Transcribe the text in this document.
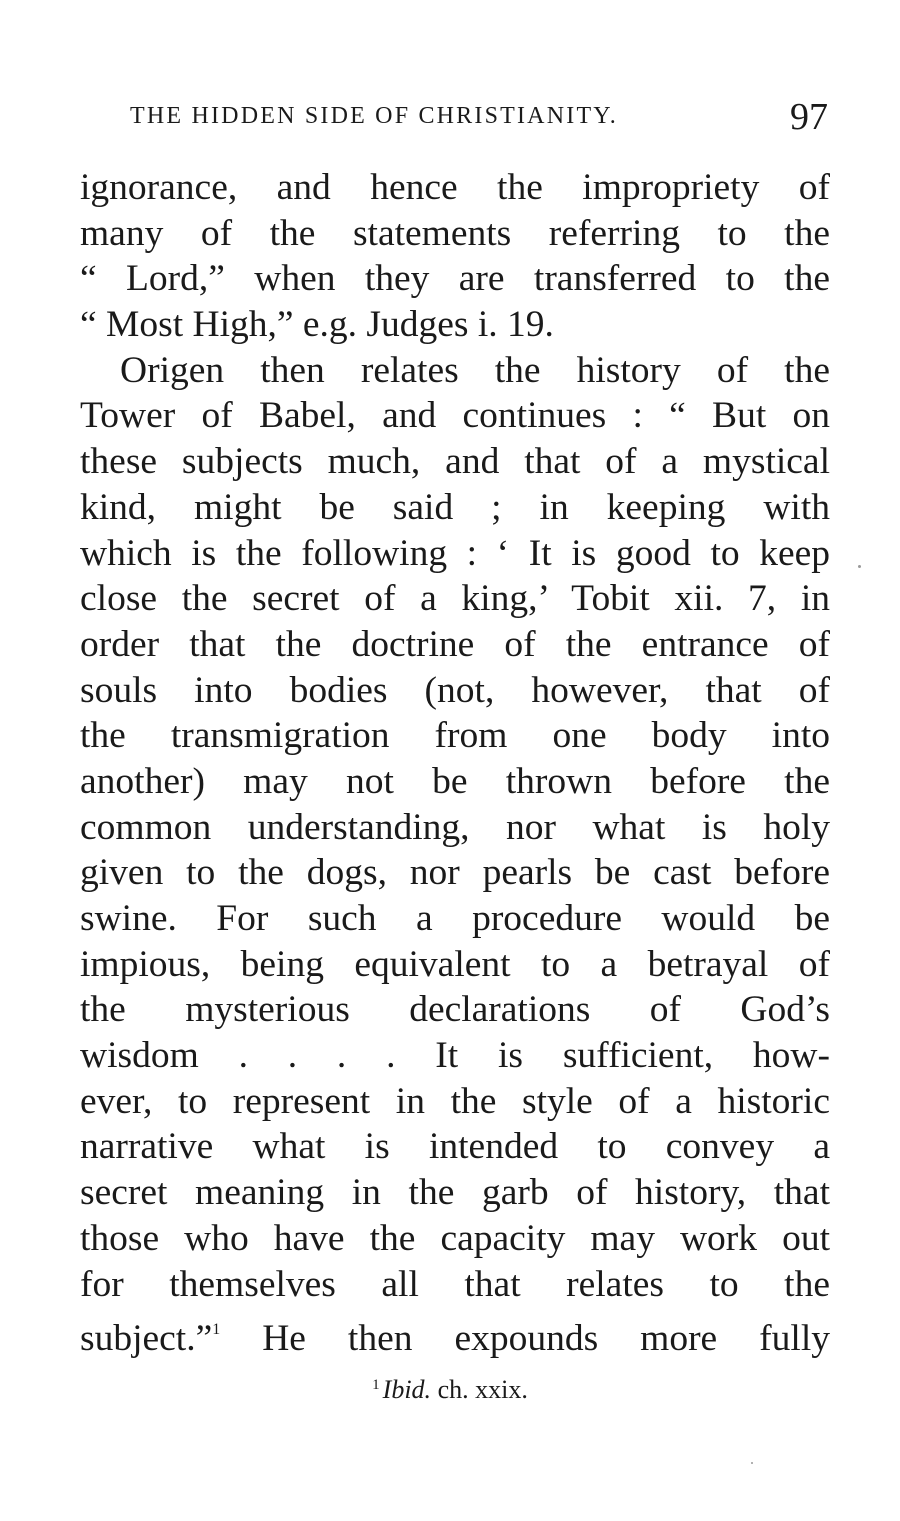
THE HIDDEN SIDE OF CHRISTIANITY.	97
ignorance, and hence the impropriety of
many of the statements referring to the
“ Lord,” when they are transferred to the
“ Most High,” e.g. Judges i. 19.
Origen then relates the history of the
Tower of Babel, and continues : “ But on
these subjects much, and that of a mystical
kind, might be said ; in keeping with
which is the following : ‘ It is good to keep
close the secret of a king,’ Tobit xii. 7, in
order that the doctrine of the entrance of
souls into bodies (not, however, that of
the transmigration from one body into
another) may not be thrown before the
common understanding, nor what is holy
given to the dogs, nor pearls be cast before
swine. For such a procedure would be
impious, being equivalent to a betrayal of
the mysterious declarations of God’s
wisdom . . . . It is sufficient, how-
ever, to represent in the style of a historic
narrative what is intended to convey a
secret meaning in the garb of history, that
those who have the capacity may work out
for themselves all that relates to the
subject.”$^1$ He then expounds more fully
$^1$ Ibid. ch. xxix.
